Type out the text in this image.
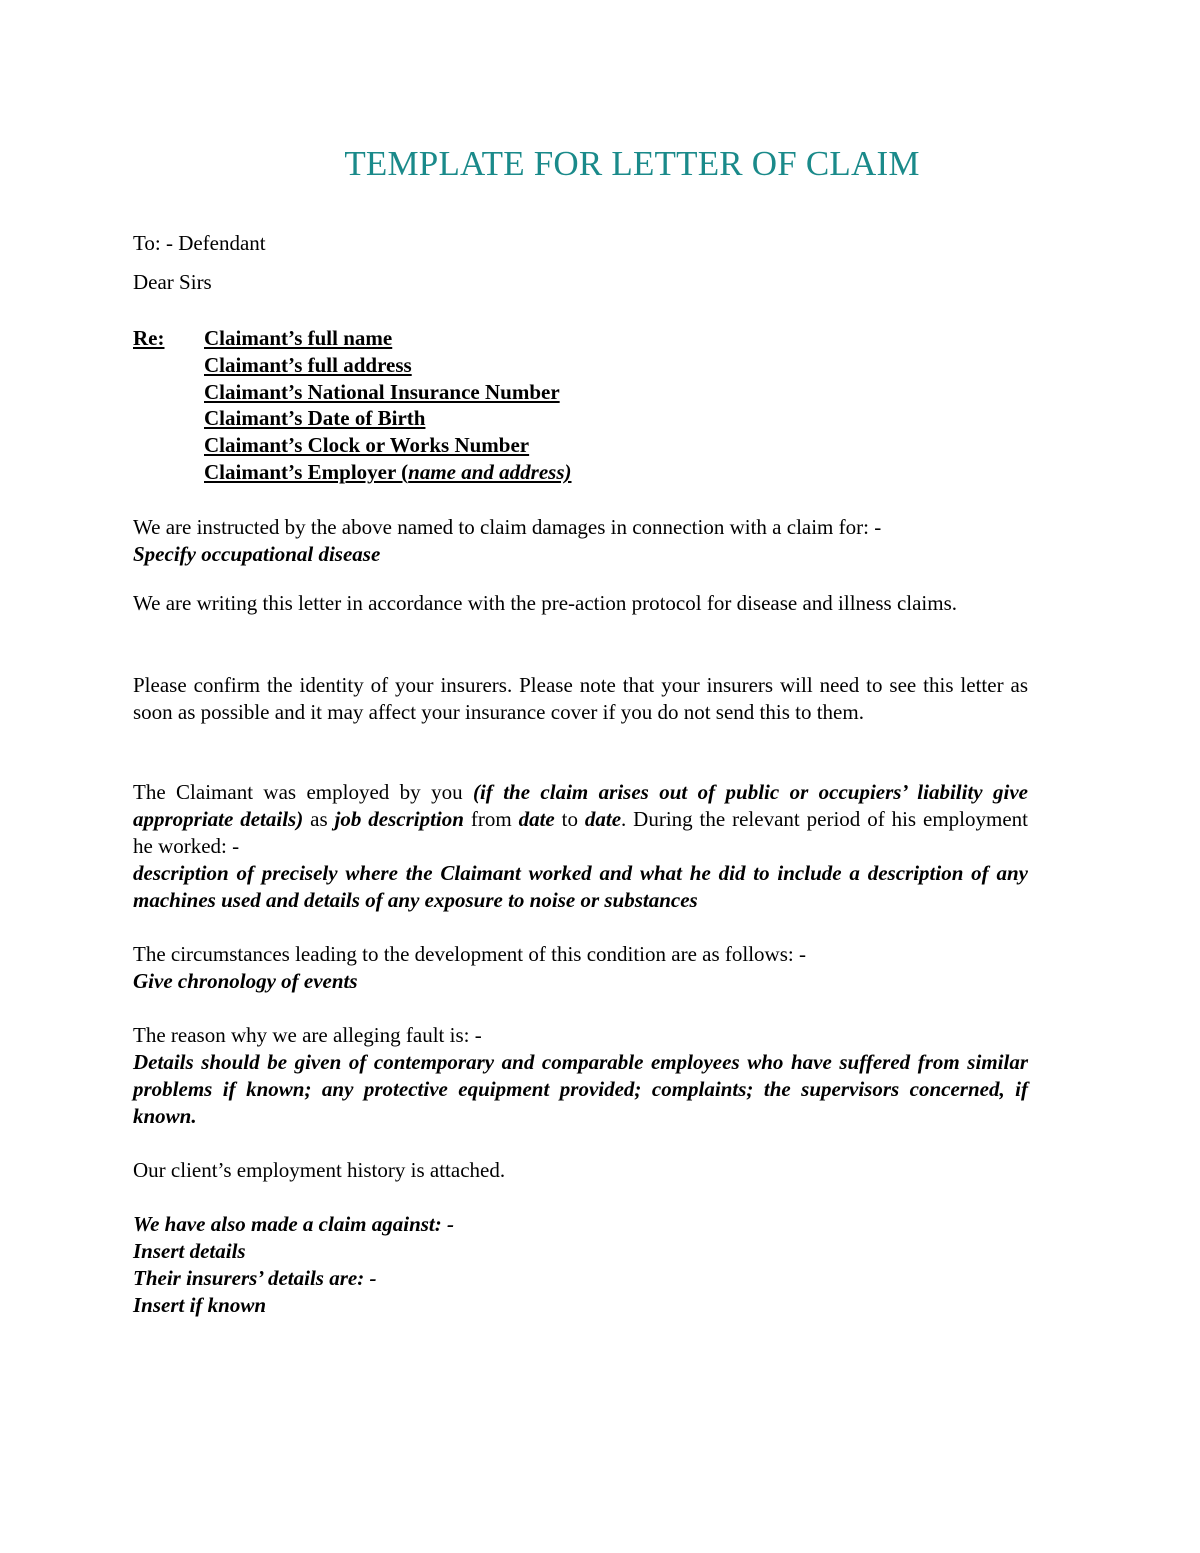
TEMPLATE FOR LETTER OF CLAIM
To: - Defendant
Dear Sirs
Re: Claimant’s full name
Claimant’s full address
Claimant’s National Insurance Number
Claimant’s Date of Birth
Claimant’s Clock or Works Number
Claimant’s Employer (name and address)
We are instructed by the above named to claim damages in connection with a claim for: -
Specify occupational disease
We are writing this letter in accordance with the pre-action protocol for disease and illness claims.
Please confirm the identity of your insurers. Please note that your insurers will need to see this letter as soon as possible and it may affect your insurance cover if you do not send this to them.
The Claimant was employed by you (if the claim arises out of public or occupiers’ liability give appropriate details) as job description from date to date. During the relevant period of his employment he worked: -
description of precisely where the Claimant worked and what he did to include a description of any machines used and details of any exposure to noise or substances
The circumstances leading to the development of this condition are as follows: -
Give chronology of events
The reason why we are alleging fault is: -
Details should be given of contemporary and comparable employees who have suffered from similar problems if known; any protective equipment provided; complaints; the supervisors concerned, if known.
Our client’s employment history is attached.
We have also made a claim against: -
Insert details
Their insurers’ details are: -
Insert if known
